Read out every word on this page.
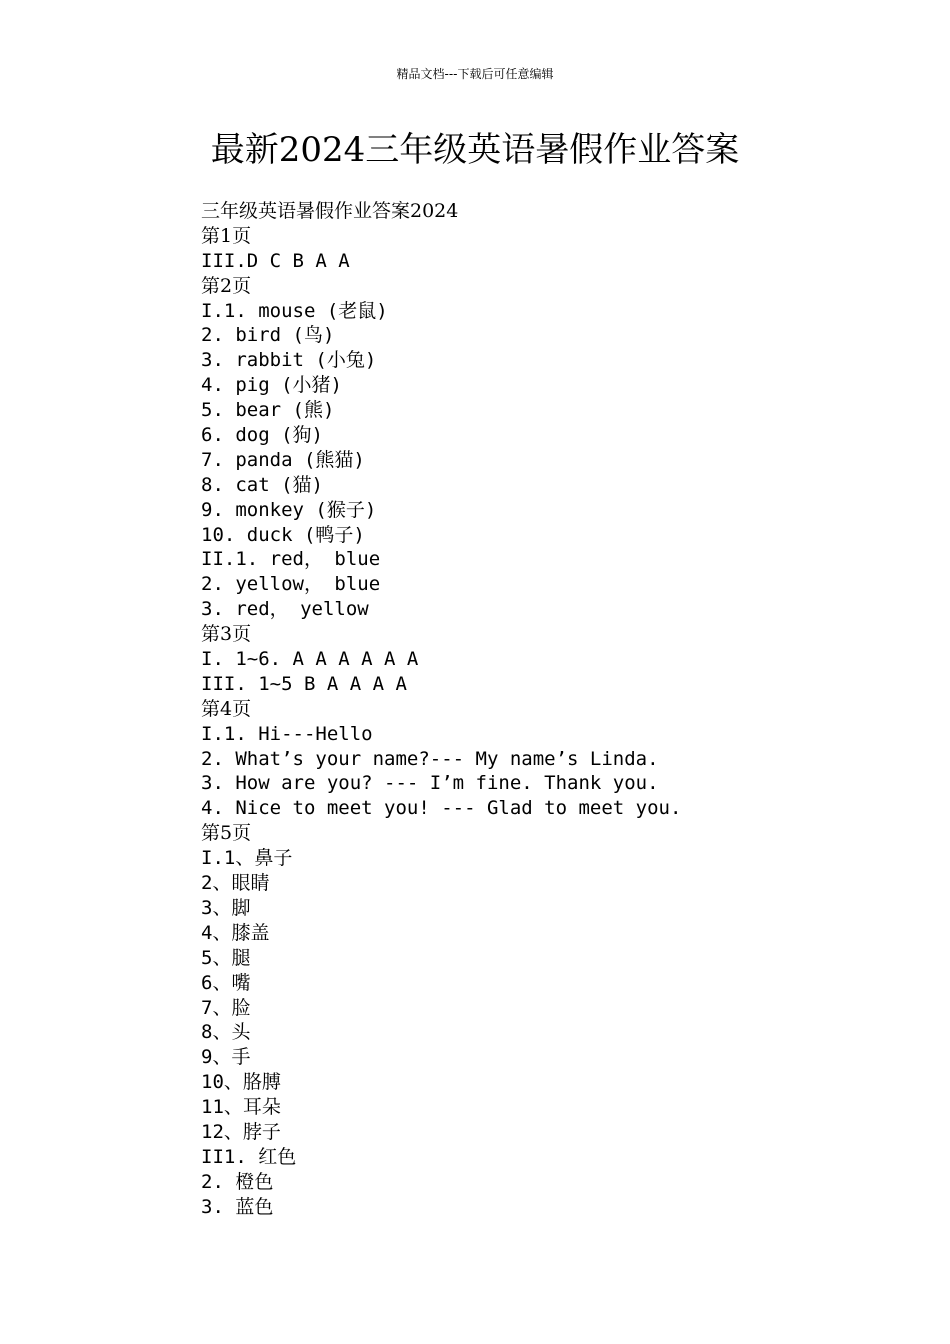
精品文档---下载后可任意编辑
最新2024三年级英语暑假作业答案
三年级英语暑假作业答案2024
第1页
III.D C B A A
第2页
I.1. mouse (老鼠)
2. bird (鸟)
3. rabbit (小兔)
4. pig (小猪)
5. bear (熊)
6. dog (狗)
7. panda (熊猫)
8. cat (猫)
9. monkey (猴子)
10. duck (鸭子)
II.1. red， blue
2. yellow， blue
3. red， yellow
第3页
I. 1~6. A A A A A A
III. 1~5 B A A A A
第4页
I.1. Hi---Hello
2. What’s your name?--- My name’s Linda.
3. How are you? --- I’m fine. Thank you.
4. Nice to meet you! --- Glad to meet you.
第5页
I.1、鼻子
2、眼睛
3、脚
4、膝盖
5、腿
6、嘴
7、脸
8、头
9、手
10、胳膊
11、耳朵
12、脖子
II1. 红色
2. 橙色
3. 蓝色
